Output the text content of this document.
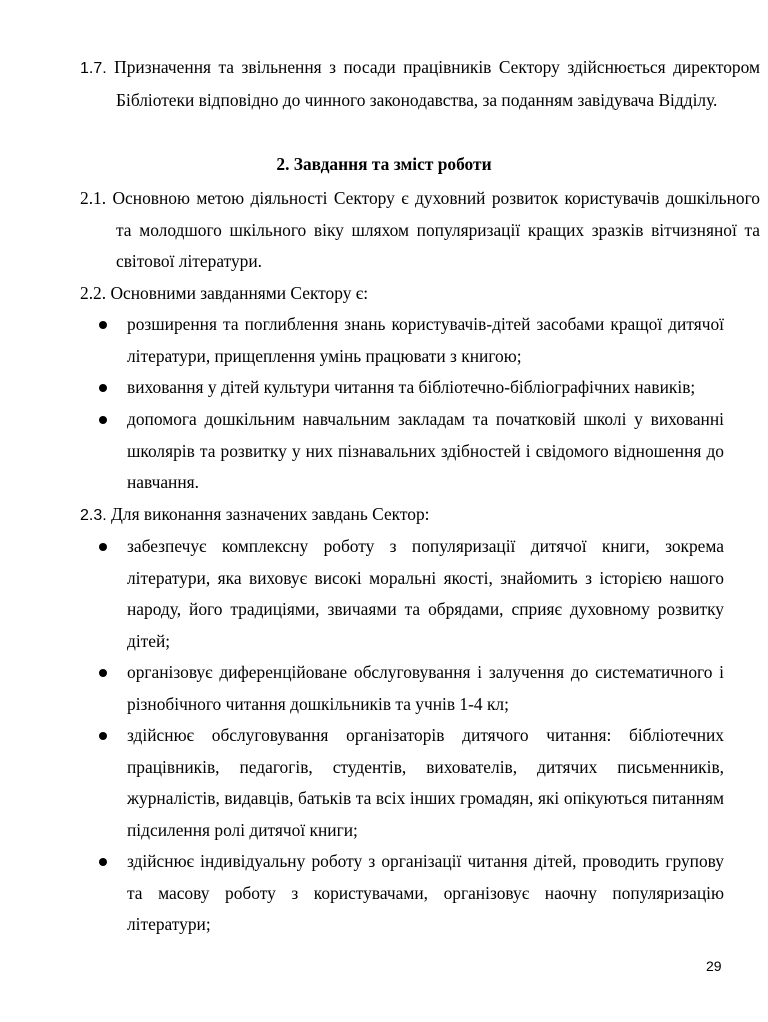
1.7. Призначення та звільнення з посади працівників Сектору здійснюється директором Бібліотеки відповідно до чинного законодавства, за поданням завідувача Відділу.
2. Завдання та зміст роботи
2.1. Основною метою діяльності Сектору є духовний розвиток користувачів дошкільного та молодшого шкільного віку шляхом популяризації кращих зразків вітчизняної та світової літератури.
2.2. Основними завданнями Сектору є:
розширення та поглиблення знань користувачів-дітей засобами кращої дитячої літератури, прищеплення умінь працювати з книгою;
виховання у дітей культури читання та бібліотечно-бібліографічних навиків;
допомога дошкільним навчальним закладам та початковій школі у вихованні школярів та розвитку у них пізнавальних здібностей і свідомого відношення до навчання.
2.3. Для виконання зазначених завдань Сектор:
забезпечує комплексну роботу з популяризації дитячої книги, зокрема літератури, яка виховує високі моральні якості, знайомить з історією нашого народу, його традиціями, звичаями та обрядами, сприяє духовному розвитку дітей;
організовує диференційоване обслуговування і залучення до систематичного і різнобічного читання дошкільників та учнів 1-4 кл;
здійснює обслуговування організаторів дитячого читання: бібліотечних працівників, педагогів, студентів, вихователів, дитячих письменників, журналістів, видавців, батьків та всіх інших громадян, які опікуються питанням підсилення ролі дитячої книги;
здійснює індивідуальну роботу з організації читання дітей, проводить групову та масову роботу з користувачами, організовує наочну популяризацію літератури;
29
